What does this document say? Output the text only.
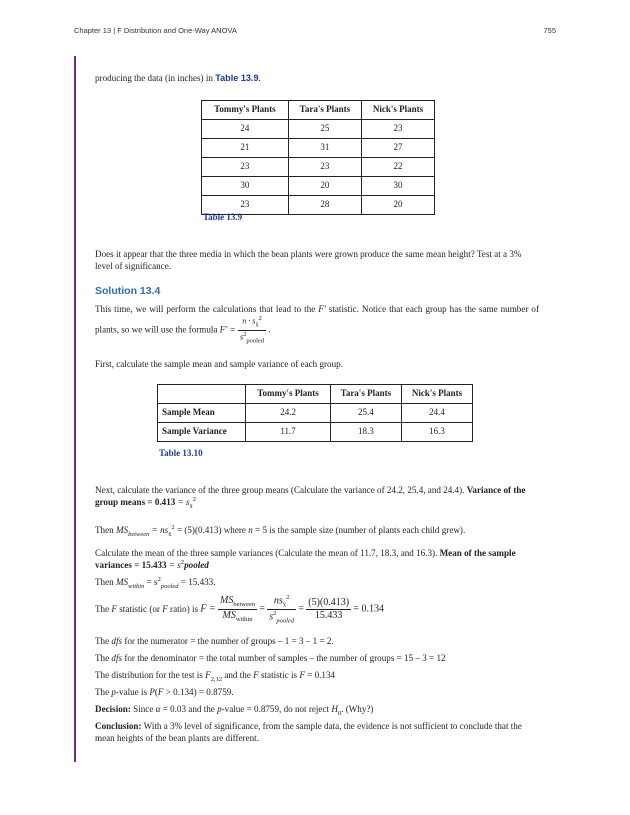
Chapter 13 | F Distribution and One-Way ANOVA	755

producing the data (in inches) in Table 13.9.

Tommy's Plants	Tara's Plants	Nick's Plants
24	25	23
21	31	27
23	23	22
30	20	30
23	28	20

Table 13.9

Does it appear that the three media in which the bean plants were grown produce the same mean height? Test at a 3% level of significance.

Solution 13.4

This time, we will perform the calculations that lead to the F' statistic. Notice that each group has the same number of plants, so we will use the formula $F' = \frac{n \cdot s_{x̄}^2}{s^2_{pooled}}$ .

First, calculate the sample mean and sample variance of each group.

	Tommy's Plants	Tara's Plants	Nick's Plants
Sample Mean	24.2	25.4	24.4
Sample Variance	11.7	18.3	16.3

Table 13.10

Next, calculate the variance of the three group means (Calculate the variance of 24.2, 25.4, and 24.4). Variance of the group means = $0.413 = s_{x̄}^2$

Then $MS_{between} = ns_{x̄}^2 = (5)(0.413)$ where n = 5 is the sample size (number of plants each child grew).

Calculate the mean of the three sample variances (Calculate the mean of 11.7, 18.3, and 16.3). Mean of the sample variances = $15.433 = s^2pooled$

Then $MS_{within} = s^2_{pooled} = 15.433$.

The F statistic (or F ratio) is $F = \frac{MS_{between}}{MS_{within}} = \frac{ns_{x̄}^2}{s^2_{pooled}} = \frac{(5)(0.413)}{15.433} = 0.134$

The dfs for the numerator = the number of groups – 1 = 3 – 1 = 2.

The dfs for the denominator = the total number of samples – the number of groups = 15 – 3 = 12

The distribution for the test is $F_{2,12}$ and the F statistic is F = 0.134

The p-value is P(F > 0.134) = 0.8759.

Decision: Since α = 0.03 and the p-value = 0.8759, do not reject $H_0$. (Why?)

Conclusion: With a 3% level of significance, from the sample data, the evidence is not sufficient to conclude that the mean heights of the bean plants are different.
